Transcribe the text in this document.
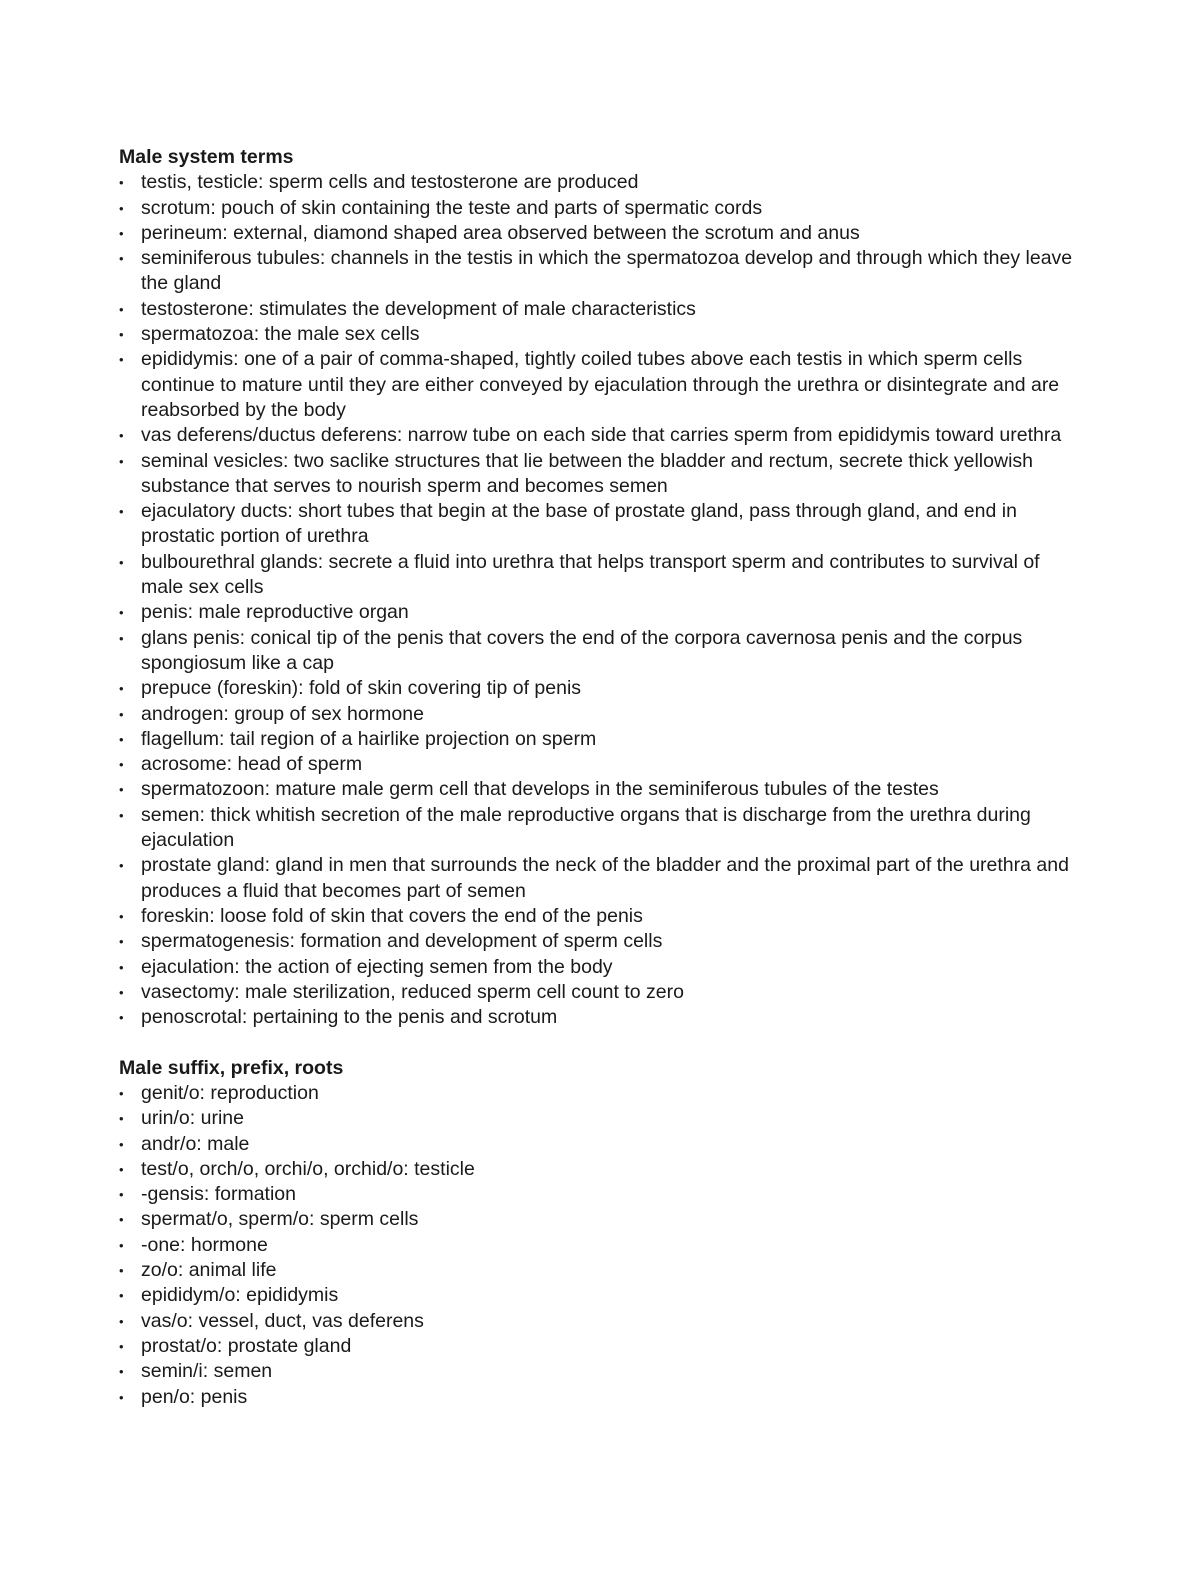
Male system terms
• testis, testicle: sperm cells and testosterone are produced
• scrotum: pouch of skin containing the teste and parts of spermatic cords
• perineum: external, diamond shaped area observed between the scrotum and anus
• seminiferous tubules: channels in the testis in which the spermatozoa develop and through which they leave the gland
• testosterone: stimulates the development of male characteristics
• spermatozoa: the male sex cells
• epididymis: one of a pair of comma-shaped, tightly coiled tubes above each testis in which sperm cells continue to mature until they are either conveyed by ejaculation through the urethra or disintegrate and are reabsorbed by the body
• vas deferens/ductus deferens: narrow tube on each side that carries sperm from epididymis toward urethra
• seminal vesicles: two saclike structures that lie between the bladder and rectum, secrete thick yellowish substance that serves to nourish sperm and becomes semen
• ejaculatory ducts: short tubes that begin at the base of prostate gland, pass through gland, and end in prostatic portion of urethra
• bulbourethral glands: secrete a fluid into urethra that helps transport sperm and contributes to survival of male sex cells
• penis: male reproductive organ
• glans penis: conical tip of the penis that covers the end of the corpora cavernosa penis and the corpus spongiosum like a cap
• prepuce (foreskin): fold of skin covering tip of penis
• androgen: group of sex hormone
• flagellum: tail region of a hairlike projection on sperm
• acrosome: head of sperm
• spermatozoon: mature male germ cell that develops in the seminiferous tubules of the testes
• semen: thick whitish secretion of the male reproductive organs that is discharge from the urethra during ejaculation
• prostate gland: gland in men that surrounds the neck of the bladder and the proximal part of the urethra and produces a fluid that becomes part of semen
• foreskin: loose fold of skin that covers the end of the penis
• spermatogenesis: formation and development of sperm cells
• ejaculation: the action of ejecting semen from the body
• vasectomy: male sterilization, reduced sperm cell count to zero
• penoscrotal: pertaining to the penis and scrotum
Male suffix, prefix, roots
• genit/o: reproduction
• urin/o: urine
• andr/o: male
• test/o, orch/o, orchi/o, orchid/o: testicle
• -gensis: formation
• spermat/o, sperm/o: sperm cells
• -one: hormone
• zo/o: animal life
• epididym/o: epididymis
• vas/o: vessel, duct, vas deferens
• prostat/o: prostate gland
• semin/i: semen
• pen/o: penis
